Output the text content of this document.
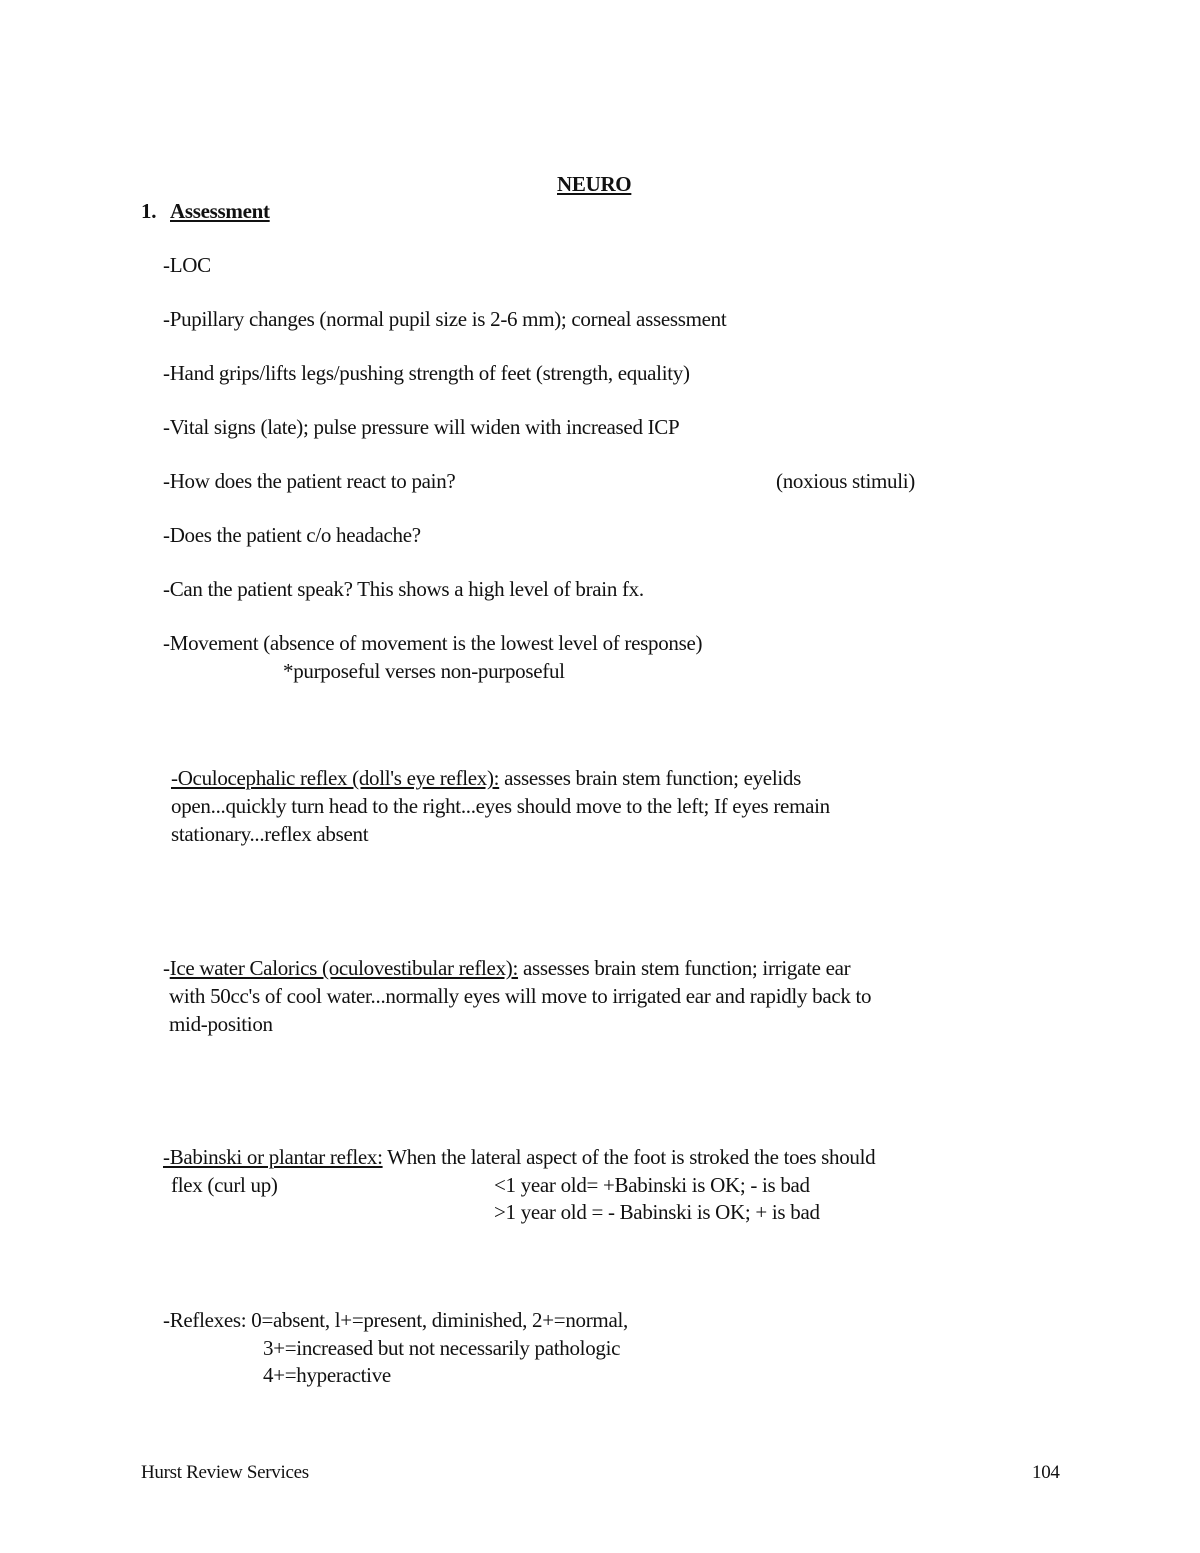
NEURO
1. Assessment
-LOC
-Pupillary changes (normal pupil size is 2-6 mm); corneal assessment
-Hand grips/lifts legs/pushing strength of feet (strength, equality)
-Vital signs (late); pulse pressure will widen with increased ICP
-How does the patient react to pain?	(noxious stimuli)
-Does the patient c/o headache?
-Can the patient speak? This shows a high level of brain fx.
-Movement (absence of movement is the lowest level of response)
*purposeful verses non-purposeful
-Oculocephalic reflex (doll's eye reflex): assesses brain stem function; eyelids
open...quickly turn head to the right...eyes should move to the left; If eyes remain
stationary...reflex absent
-Ice water Calorics (oculovestibular reflex): assesses brain stem function; irrigate ear
with 50cc's of cool water...normally eyes will move to irrigated ear and rapidly back to
mid-position
-Babinski or plantar reflex: When the lateral aspect of the foot is stroked the toes should
flex (curl up)	<1 year old= +Babinski is OK; - is bad
>1 year old = - Babinski is OK; + is bad
-Reflexes: 0=absent, l+=present, diminished, 2+=normal,
3+=increased but not necessarily pathologic
4+=hyperactive
Hurst Review Services	104
